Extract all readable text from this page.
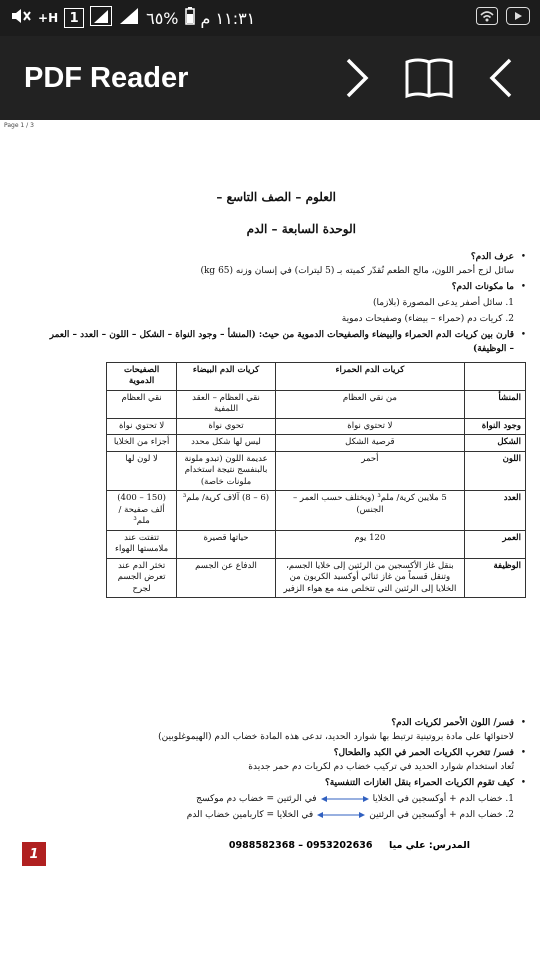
١١:٣١ م
%٦٥
1
H+
PDF Reader
Page 1 / 3
العلوم – الصف التاسع –
الوحدة السابعة – الدم
عرف الدم؟ •
سائل لزج أحمر اللون، مالح الطعم تُقدّر كميته بـ (5 ليترات) في إنسان وزنه (65 kg)
ما مكونات الدم؟ •
1. سائل أصفر يدعى المصورة (بلازما)
2. كريات دم (حمراء – بيضاء) وصفيحات دموية
قارن بين كريات الدم الحمراء والبيضاء والصفيحات الدموية من حيث: (المنشأ – وجود النواة – الشكل – اللون – العدد – العمر •
– الوظيفة)
	كريات الدم الحمراء	كريات الدم البيضاء	الصفيحات الدموية
المنشأ	من نقي العظام	نقي العظام – العقد اللمفية	نقي العظام
وجود النواة	لا تحتوي نواة	تحوي نواة	لا تحتوي نواة
الشكل	قرصية الشكل	ليس لها شكل محدد	أجزاء من الخلايا
اللون	أحمر	عديمة اللون (تبدو ملونة بالبنفسج نتيجة استخدام ملونات خاصة)	لا لون لها
العدد	5 ملايين كرية/ ملم³ (ويختلف حسب العمر – الجنس)	(6 – 8) آلاف كرية/ ملم³	(150 – 400) ألف صفيحة / ملم³
العمر	120 يوم	حياتها قصيرة	تتفتت عند ملامستها الهواء
الوظيفة	بنقل غاز الأكسجين من الرئتين إلى خلايا الجسم، وتنقل قسماً من غاز ثنائي أوكسيد الكربون من الخلايا إلى الرئتين التي تتخلص منه مع هواء الزفير	الدفاع عن الجسم	تخثر الدم عند تعرض الجسم لجرح
فسر/ اللون الأحمر لكريات الدم؟ •
لاحتوائها على مادة بروتينية ترتبط بها شوارد الحديد، تدعى هذه المادة خضاب الدم (الهيموغلوبين)
فسر/ تتخرب الكريات الحمر في الكبد والطحال؟ •
تُعاد استخدام شوارد الحديد في تركيب خضاب دم لكريات دم حمر جديدة
كيف تقوم الكريات الحمراء بنقل الغازات التنفسية؟ •
1. خضاب الدم + أوكسجين في الخلايا
في الرئتين = خضاب دم موكسج
2. خضاب الدم + أوكسجين في الرئتين
في الخلايا = كاربامين خضاب الدم
المدرس: علي ميا     0988582368 – 0953202636
1
